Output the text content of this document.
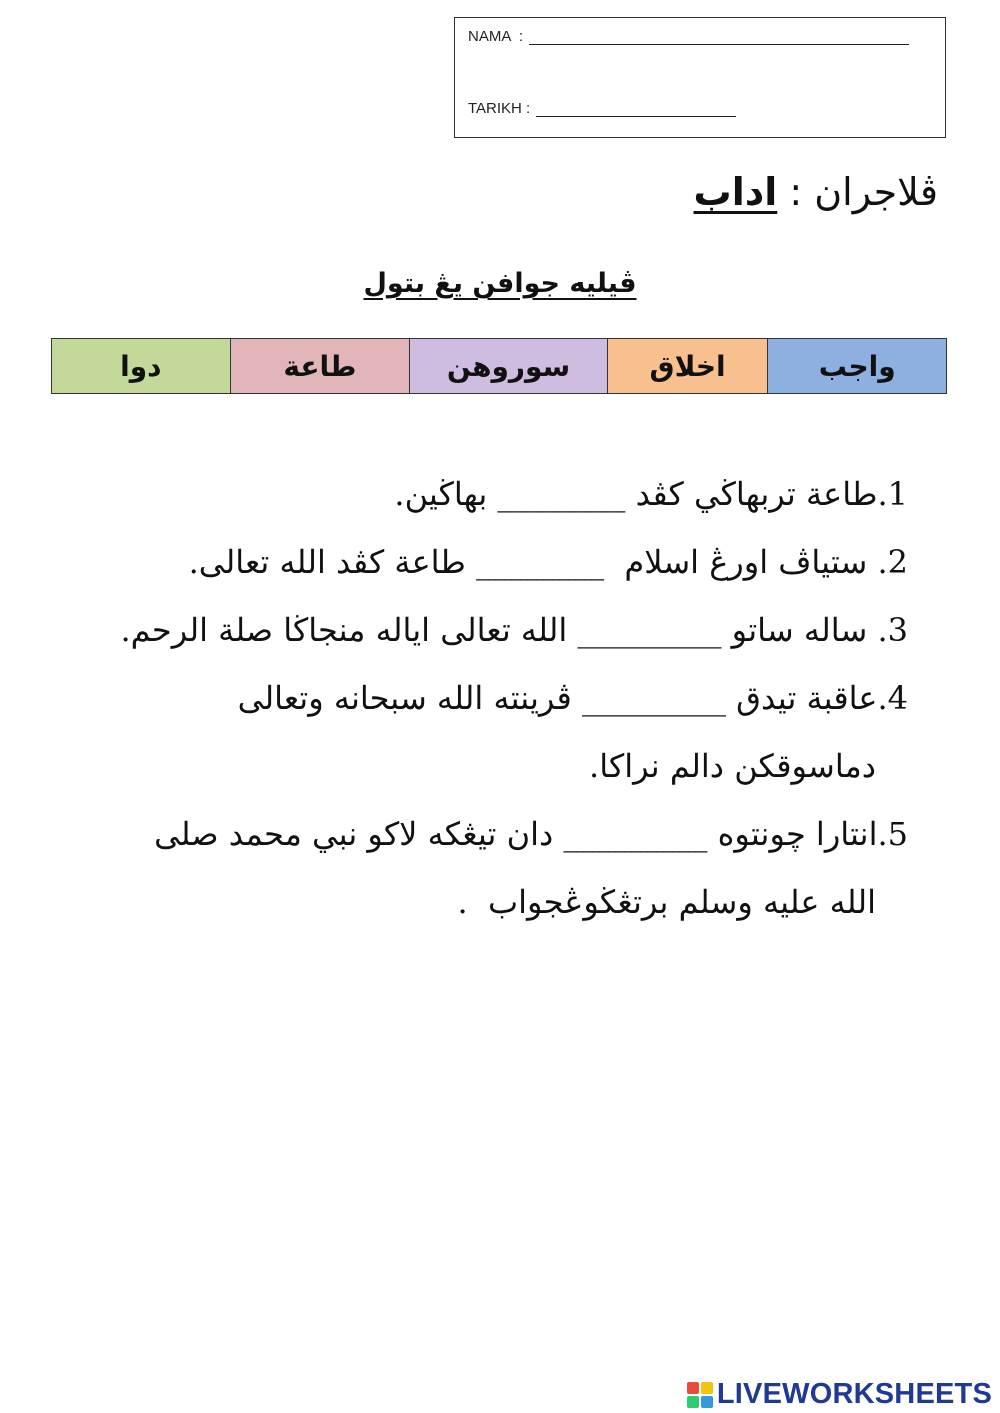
NAMA  :
TARIKH :
ڤلاجران : اداب
ڤيليه جوافن يڠ بتول
واجب
اخلاق
سوروهن
طاعة
دوا
1.طاعة تربهاڬي كڤد ________ بهاڬين.
2. ستياڤ اورڠ اسلام  ________ طاعة كڤد الله تعالى.
3. ساله ساتو _________ الله تعالى اياله منجاڬا صلة الرحم.
4.عاقبة تيدق _________ ڤرينته الله سبحانه وتعالى دماسوقكن دالم نراكا.
5.انتارا چونتوه _________ دان تيڠكه لاكو نبي محمد صلى الله عليه وسلم برتڠڬوڠجواب  .
LIVEWORKSHEETS
